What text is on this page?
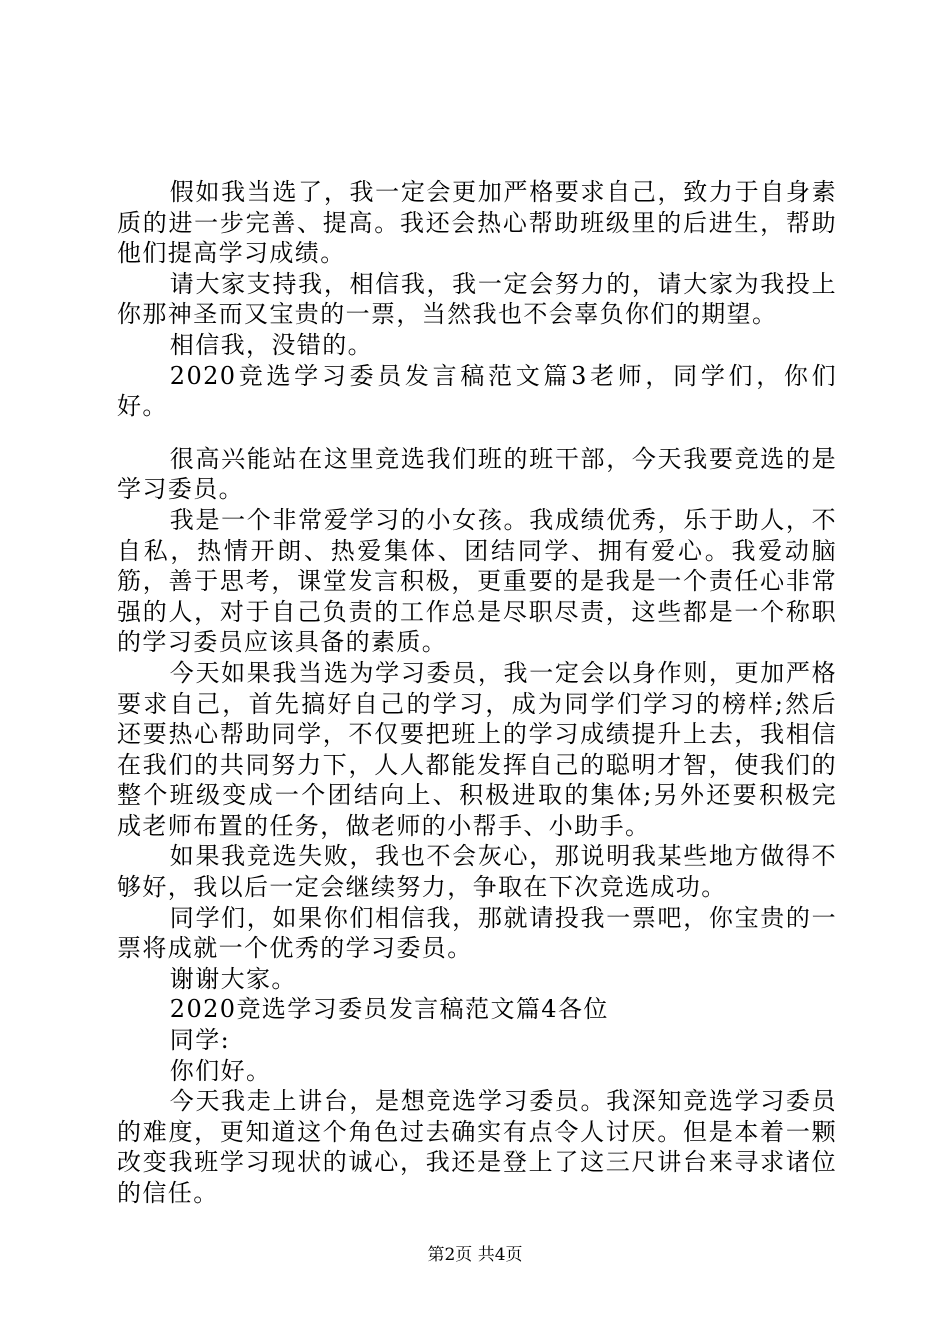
假如我当选了，我一定会更加严格要求自己，致力于自身素质的进一步完善、提高。我还会热心帮助班级里的后进生，帮助他们提高学习成绩。

请大家支持我，相信我，我一定会努力的，请大家为我投上你那神圣而又宝贵的一票，当然我也不会辜负你们的期望。

相信我，没错的。

2020竞选学习委员发言稿范文篇3老师，同学们，你们好。

很高兴能站在这里竞选我们班的班干部，今天我要竞选的是学习委员。

我是一个非常爱学习的小女孩。我成绩优秀，乐于助人，不自私，热情开朗、热爱集体、团结同学、拥有爱心。我爱动脑筋，善于思考，课堂发言积极，更重要的是我是一个责任心非常强的人，对于自己负责的工作总是尽职尽责，这些都是一个称职的学习委员应该具备的素质。

今天如果我当选为学习委员，我一定会以身作则，更加严格要求自己，首先搞好自己的学习，成为同学们学习的榜样;然后还要热心帮助同学，不仅要把班上的学习成绩提升上去，我相信在我们的共同努力下，人人都能发挥自己的聪明才智，使我们的整个班级变成一个团结向上、积极进取的集体;另外还要积极完成老师布置的任务，做老师的小帮手、小助手。

如果我竞选失败，我也不会灰心，那说明我某些地方做得不够好，我以后一定会继续努力，争取在下次竞选成功。

同学们，如果你们相信我，那就请投我一票吧，你宝贵的一票将成就一个优秀的学习委员。

谢谢大家。

2020竞选学习委员发言稿范文篇4各位

同学:

你们好。

今天我走上讲台，是想竞选学习委员。我深知竞选学习委员的难度，更知道这个角色过去确实有点令人讨厌。但是本着一颗改变我班学习现状的诚心，我还是登上了这三尺讲台来寻求诸位的信任。

第2页 共4页
